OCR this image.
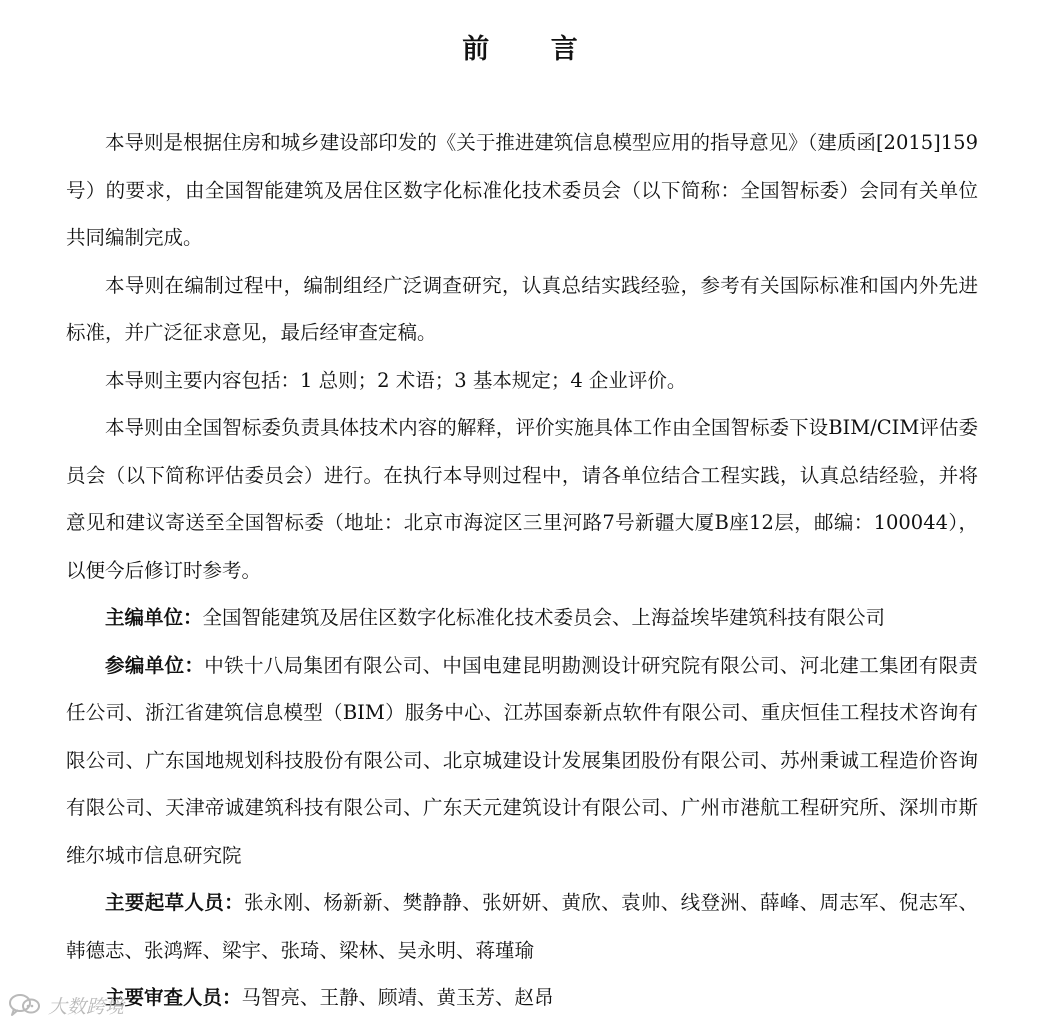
前 言

本导则是根据住房和城乡建设部印发的《关于推进建筑信息模型应用的指导意见》（建质函[2015]159号）的要求，由全国智能建筑及居住区数字化标准化技术委员会（以下简称：全国智标委）会同有关单位共同编制完成。

本导则在编制过程中，编制组经广泛调查研究，认真总结实践经验，参考有关国际标准和国内外先进标准，并广泛征求意见，最后经审查定稿。

本导则主要内容包括：1 总则；2 术语；3 基本规定；4 企业评价。

本导则由全国智标委负责具体技术内容的解释，评价实施具体工作由全国智标委下设BIM/CIM评估委员会（以下简称评估委员会）进行。在执行本导则过程中，请各单位结合工程实践，认真总结经验，并将意见和建议寄送至全国智标委（地址：北京市海淀区三里河路7号新疆大厦B座12层，邮编：100044），以便今后修订时参考。

主编单位：全国智能建筑及居住区数字化标准化技术委员会、上海益埃毕建筑科技有限公司

参编单位：中铁十八局集团有限公司、中国电建昆明勘测设计研究院有限公司、河北建工集团有限责任公司、浙江省建筑信息模型（BIM）服务中心、江苏国泰新点软件有限公司、重庆恒佳工程技术咨询有限公司、广东国地规划科技股份有限公司、北京城建设计发展集团股份有限公司、苏州秉诚工程造价咨询有限公司、天津帝诚建筑科技有限公司、广东天元建筑设计有限公司、广州市港航工程研究所、深圳市斯维尔城市信息研究院

主要起草人员：张永刚、杨新新、樊静静、张妍妍、黄欣、袁帅、线登洲、薛峰、周志军、倪志军、韩德志、张鸿辉、梁宇、张琦、梁林、吴永明、蒋瑾瑜

主要审查人员：马智亮、王静、顾靖、黄玉芳、赵昂

大数跨境
